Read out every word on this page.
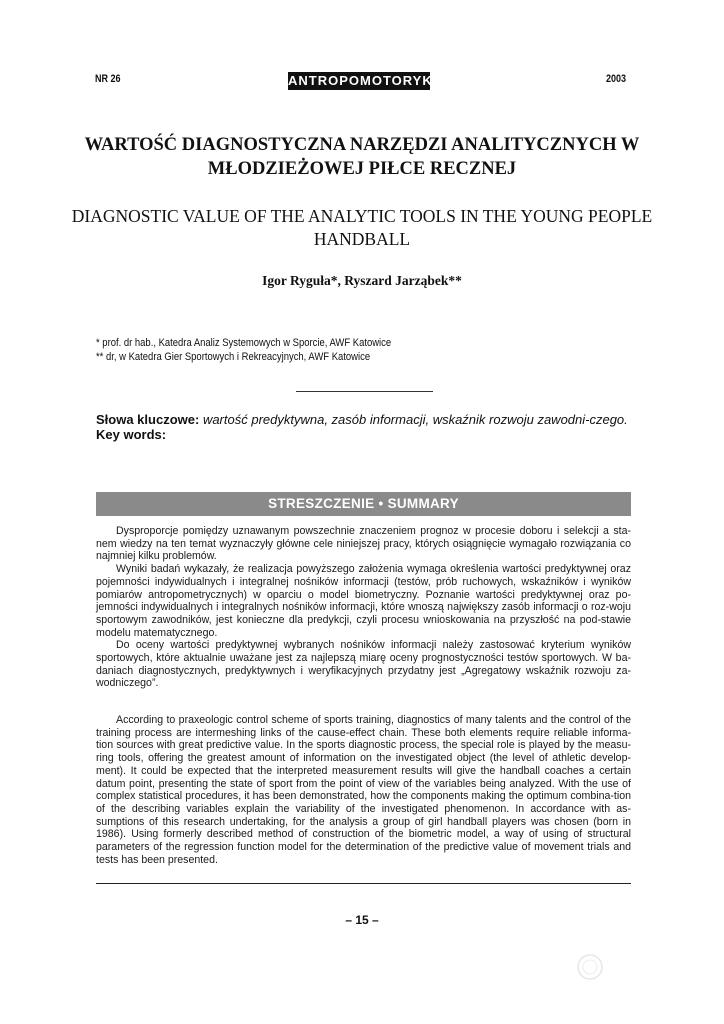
NR 26	ANTROPOMOTORYKA	2003
WARTOŚĆ DIAGNOSTYCZNA NARZĘDZI ANALITYCZNYCH W MŁODZIEŻOWEJ PIŁCE RECZNEJ
DIAGNOSTIC VALUE OF THE ANALYTIC TOOLS IN THE YOUNG PEOPLE HANDBALL
Igor Ryguła*, Ryszard Jarząbek**
* prof. dr hab., Katedra Analiz Systemowych w Sporcie, AWF Katowice
** dr, w Katedra Gier Sportowych i Rekreacyjnych, AWF Katowice
Słowa kluczowe: wartość predyktywna, zasób informacji, wskaźnik rozwoju zawodni-czego.
Key words:
STRESZCZENIE • SUMMARY

Dysproporcje pomiędzy uznawanym powszechnie znaczeniem prognoz w procesie doboru i selekcji a sta-nem wiedzy na ten temat wyznaczyły główne cele niniejszej pracy, których osiągnięcie wymagało rozwiązania co najmniej kilku problemów.

Wyniki badań wykazały, że realizacja powyższego założenia wymaga określenia wartości predyktywnej oraz pojemności indywidualnych i integralnej nośników informacji (testów, prób ruchowych, wskaźników i wyników pomiarów antropometrycznych) w oparciu o model biometryczny. Poznanie wartości predyktywnej oraz po-jemności indywidualnych i integralnych nośników informacji, które wnoszą największy zasób informacji o roz-woju sportowym zawodników, jest konieczne dla predykcji, czyli procesu wnioskowania na przyszłość na pod-stawie modelu matematycznego.

Do oceny wartości predyktywnej wybranych nośników informacji należy zastosować kryterium wyników sportowych, które aktualnie uważane jest za najlepszą miarę oceny prognostyczności testów sportowych. W ba-daniach diagnostycznych, predyktywnych i weryfikacyjnych przydatny jest „Agregatowy wskaźnik rozwoju za-wodniczego”.

According to praxeologic control scheme of sports training, diagnostics of many talents and the control of the training process are intermeshing links of the cause-effect chain. These both elements require reliable informa-tion sources with great predictive value. In the sports diagnostic process, the special role is played by the measu-ring tools, offering the greatest amount of information on the investigated object (the level of athletic develop-ment). It could be expected that the interpreted measurement results will give the handball coaches a certain datum point, presenting the state of sport from the point of view of the variables being analyzed. With the use of complex statistical procedures, it has been demonstrated, how the components making the optimum combina-tion of the describing variables explain the variability of the investigated phenomenon. In accordance with as-sumptions of this research undertaking, for the analysis a group of girl handball players was chosen (born in 1986). Using formerly described method of construction of the biometric model, a way of using of structural parameters of the regression function model for the determination of the predictive value of movement trials and tests has been presented.

– 15 –
